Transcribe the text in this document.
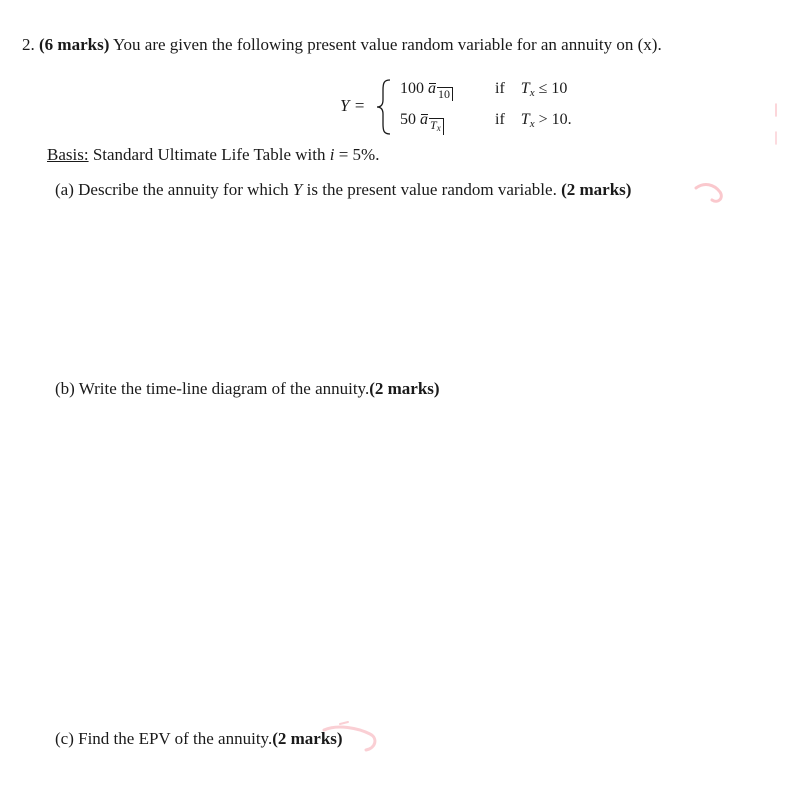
2. (6 marks) You are given the following present value random variable for an annuity on (x).
Y =
100 a 10	if $T_x \le 10$
50 a $T_x$	if $T_x > 10$.
Basis: Standard Ultimate Life Table with i = 5%.
(a) Describe the annuity for which Y is the present value random variable. (2 marks)
(b) Write the time-line diagram of the annuity.(2 marks)
(c) Find the EPV of the annuity.(2 marks)
